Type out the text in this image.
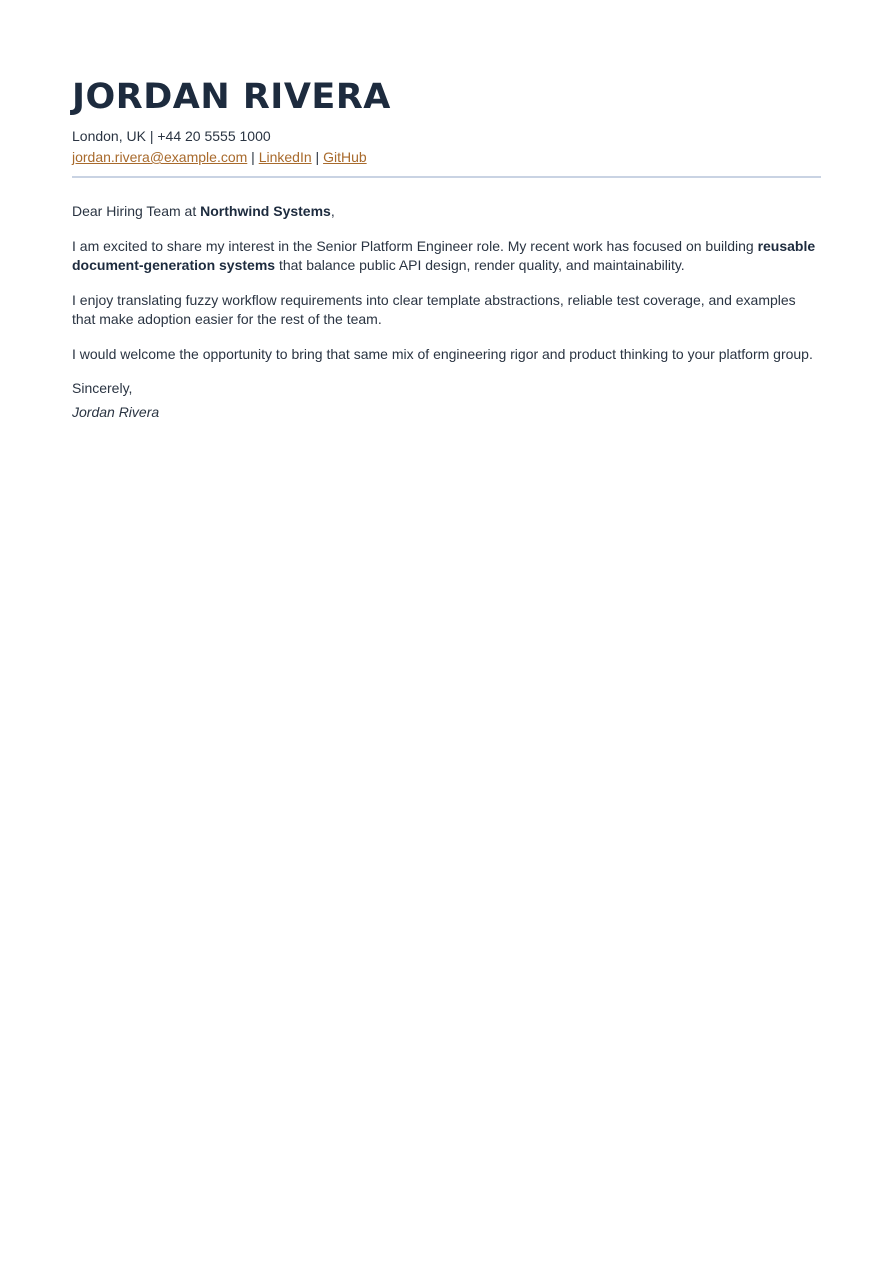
JORDAN RIVERA
London, UK | +44 20 5555 1000
jordan.rivera@example.com | LinkedIn | GitHub

Dear Hiring Team at Northwind Systems,

I am excited to share my interest in the Senior Platform Engineer role. My recent work has focused on building reusable document-generation systems that balance public API design, render quality, and maintainability.

I enjoy translating fuzzy workflow requirements into clear template abstractions, reliable test coverage, and examples that make adoption easier for the rest of the team.

I would welcome the opportunity to bring that same mix of engineering rigor and product thinking to your platform group.

Sincerely,

Jordan Rivera
